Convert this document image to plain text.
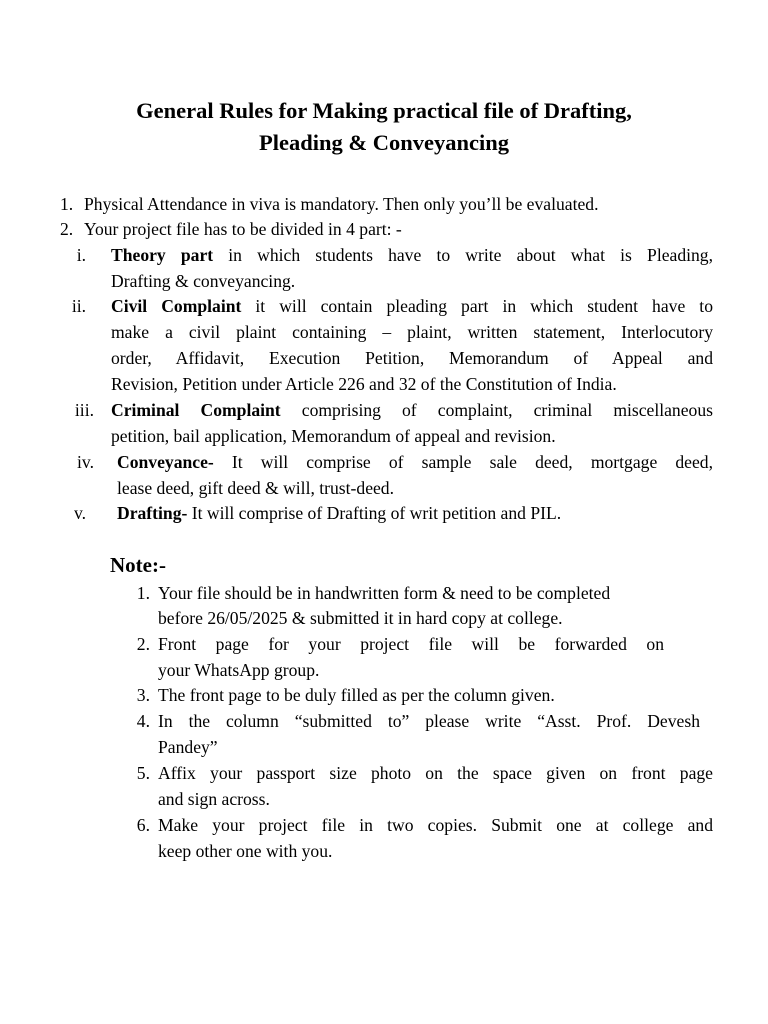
General Rules for Making practical file of Drafting,
Pleading & Conveyancing
1. Physical Attendance in viva is mandatory. Then only you’ll be evaluated.
2. Your project file has to be divided in 4 part: -
i. Theory part in which students have to write about what is Pleading,
Drafting & conveyancing.
ii. Civil Complaint it will contain pleading part in which student have to
make a civil plaint containing – plaint, written statement, Interlocutory
order, Affidavit, Execution Petition, Memorandum of Appeal and
Revision, Petition under Article 226 and 32 of the Constitution of India.
iii. Criminal Complaint comprising of complaint, criminal miscellaneous
petition, bail application, Memorandum of appeal and revision.
iv. Conveyance- It will comprise of sample sale deed, mortgage deed,
lease deed, gift deed & will, trust-deed.
v. Drafting- It will comprise of Drafting of writ petition and PIL.
Note:-
1. Your file should be in handwritten form & need to be completed
before 26/05/2025 & submitted it in hard copy at college.
2. Front page for your project file will be forwarded on
your WhatsApp group.
3. The front page to be duly filled as per the column given.
4. In the column “submitted to” please write “Asst. Prof. Devesh
Pandey”
5. Affix your passport size photo on the space given on front page
and sign across.
6. Make your project file in two copies. Submit one at college and
keep other one with you.
